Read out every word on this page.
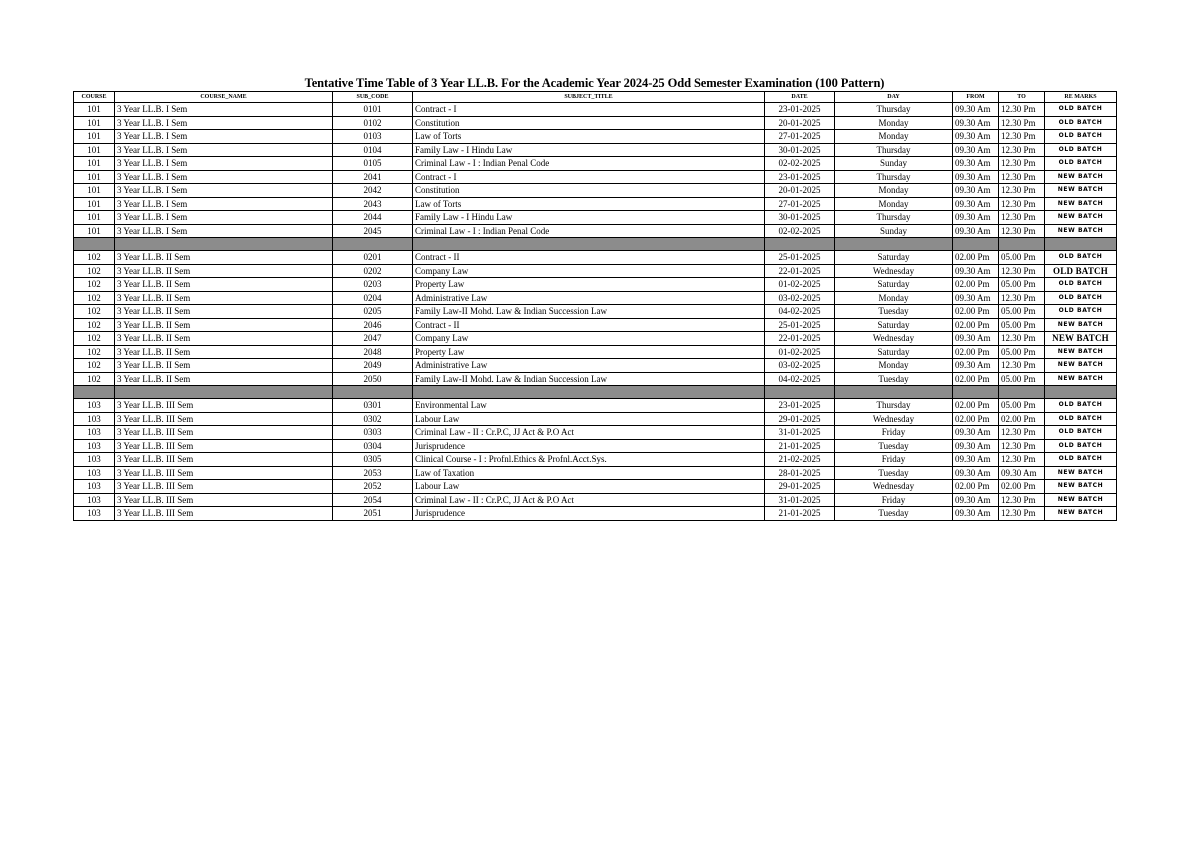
Tentative Time Table of 3 Year LL.B. For the Academic Year 2024-25 Odd Semester Examination (100 Pattern)
COURSE	COURSE_NAME	SUB_CODE	SUBJECT_TITLE	DATE	DAY	FROM	TO	RE MARKS
101	3 Year LL.B. I Sem	0101	Contract - I	23-01-2025	Thursday	09.30 Am	12.30 Pm	OLD BATCH
101	3 Year LL.B. I Sem	0102	Constitution	20-01-2025	Monday	09.30 Am	12.30 Pm	OLD BATCH
101	3 Year LL.B. I Sem	0103	Law of Torts	27-01-2025	Monday	09.30 Am	12.30 Pm	OLD BATCH
101	3 Year LL.B. I Sem	0104	Family Law - I Hindu Law	30-01-2025	Thursday	09.30 Am	12.30 Pm	OLD BATCH
101	3 Year LL.B. I Sem	0105	Criminal Law - I : Indian Penal Code	02-02-2025	Sunday	09.30 Am	12.30 Pm	OLD BATCH
101	3 Year LL.B. I Sem	2041	Contract - I	23-01-2025	Thursday	09.30 Am	12.30 Pm	NEW BATCH
101	3 Year LL.B. I Sem	2042	Constitution	20-01-2025	Monday	09.30 Am	12.30 Pm	NEW BATCH
101	3 Year LL.B. I Sem	2043	Law of Torts	27-01-2025	Monday	09.30 Am	12.30 Pm	NEW BATCH
101	3 Year LL.B. I Sem	2044	Family Law - I Hindu Law	30-01-2025	Thursday	09.30 Am	12.30 Pm	NEW BATCH
101	3 Year LL.B. I Sem	2045	Criminal Law - I : Indian Penal Code	02-02-2025	Sunday	09.30 Am	12.30 Pm	NEW BATCH

102	3 Year LL.B. II Sem	0201	Contract - II	25-01-2025	Saturday	02.00 Pm	05.00 Pm	OLD BATCH
102	3 Year LL.B. II Sem	0202	Company Law	22-01-2025	Wednesday	09.30 Am	12.30 Pm	OLD BATCH
102	3 Year LL.B. II Sem	0203	Property Law	01-02-2025	Saturday	02.00 Pm	05.00 Pm	OLD BATCH
102	3 Year LL.B. II Sem	0204	Administrative Law	03-02-2025	Monday	09.30 Am	12.30 Pm	OLD BATCH
102	3 Year LL.B. II Sem	0205	Family Law-II Mohd. Law & Indian Succession Law	04-02-2025	Tuesday	02.00 Pm	05.00 Pm	OLD BATCH
102	3 Year LL.B. II Sem	2046	Contract - II	25-01-2025	Saturday	02.00 Pm	05.00 Pm	NEW BATCH
102	3 Year LL.B. II Sem	2047	Company Law	22-01-2025	Wednesday	09.30 Am	12.30 Pm	NEW BATCH
102	3 Year LL.B. II Sem	2048	Property Law	01-02-2025	Saturday	02.00 Pm	05.00 Pm	NEW BATCH
102	3 Year LL.B. II Sem	2049	Administrative Law	03-02-2025	Monday	09.30 Am	12.30 Pm	NEW BATCH
102	3 Year LL.B. II Sem	2050	Family Law-II Mohd. Law & Indian Succession Law	04-02-2025	Tuesday	02.00 Pm	05.00 Pm	NEW BATCH

103	3 Year LL.B. III Sem	0301	Environmental Law	23-01-2025	Thursday	02.00 Pm	05.00 Pm	OLD BATCH
103	3 Year LL.B. III Sem	0302	Labour Law	29-01-2025	Wednesday	02.00 Pm	02.00 Pm	OLD BATCH
103	3 Year LL.B. III Sem	0303	Criminal Law - II : Cr.P.C, JJ Act & P.O Act	31-01-2025	Friday	09.30 Am	12.30 Pm	OLD BATCH
103	3 Year LL.B. III Sem	0304	Jurisprudence	21-01-2025	Tuesday	09.30 Am	12.30 Pm	OLD BATCH
103	3 Year LL.B. III Sem	0305	Clinical Course - I : Profnl.Ethics & Profnl.Acct.Sys.	21-02-2025	Friday	09.30 Am	12.30 Pm	OLD BATCH
103	3 Year LL.B. III Sem	2053	Law of Taxation	28-01-2025	Tuesday	09.30 Am	09.30 Am	NEW BATCH
103	3 Year LL.B. III Sem	2052	Labour Law	29-01-2025	Wednesday	02.00 Pm	02.00 Pm	NEW BATCH
103	3 Year LL.B. III Sem	2054	Criminal Law - II : Cr.P.C, JJ Act & P.O Act	31-01-2025	Friday	09.30 Am	12.30 Pm	NEW BATCH
103	3 Year LL.B. III Sem	2051	Jurisprudence	21-01-2025	Tuesday	09.30 Am	12.30 Pm	NEW BATCH
